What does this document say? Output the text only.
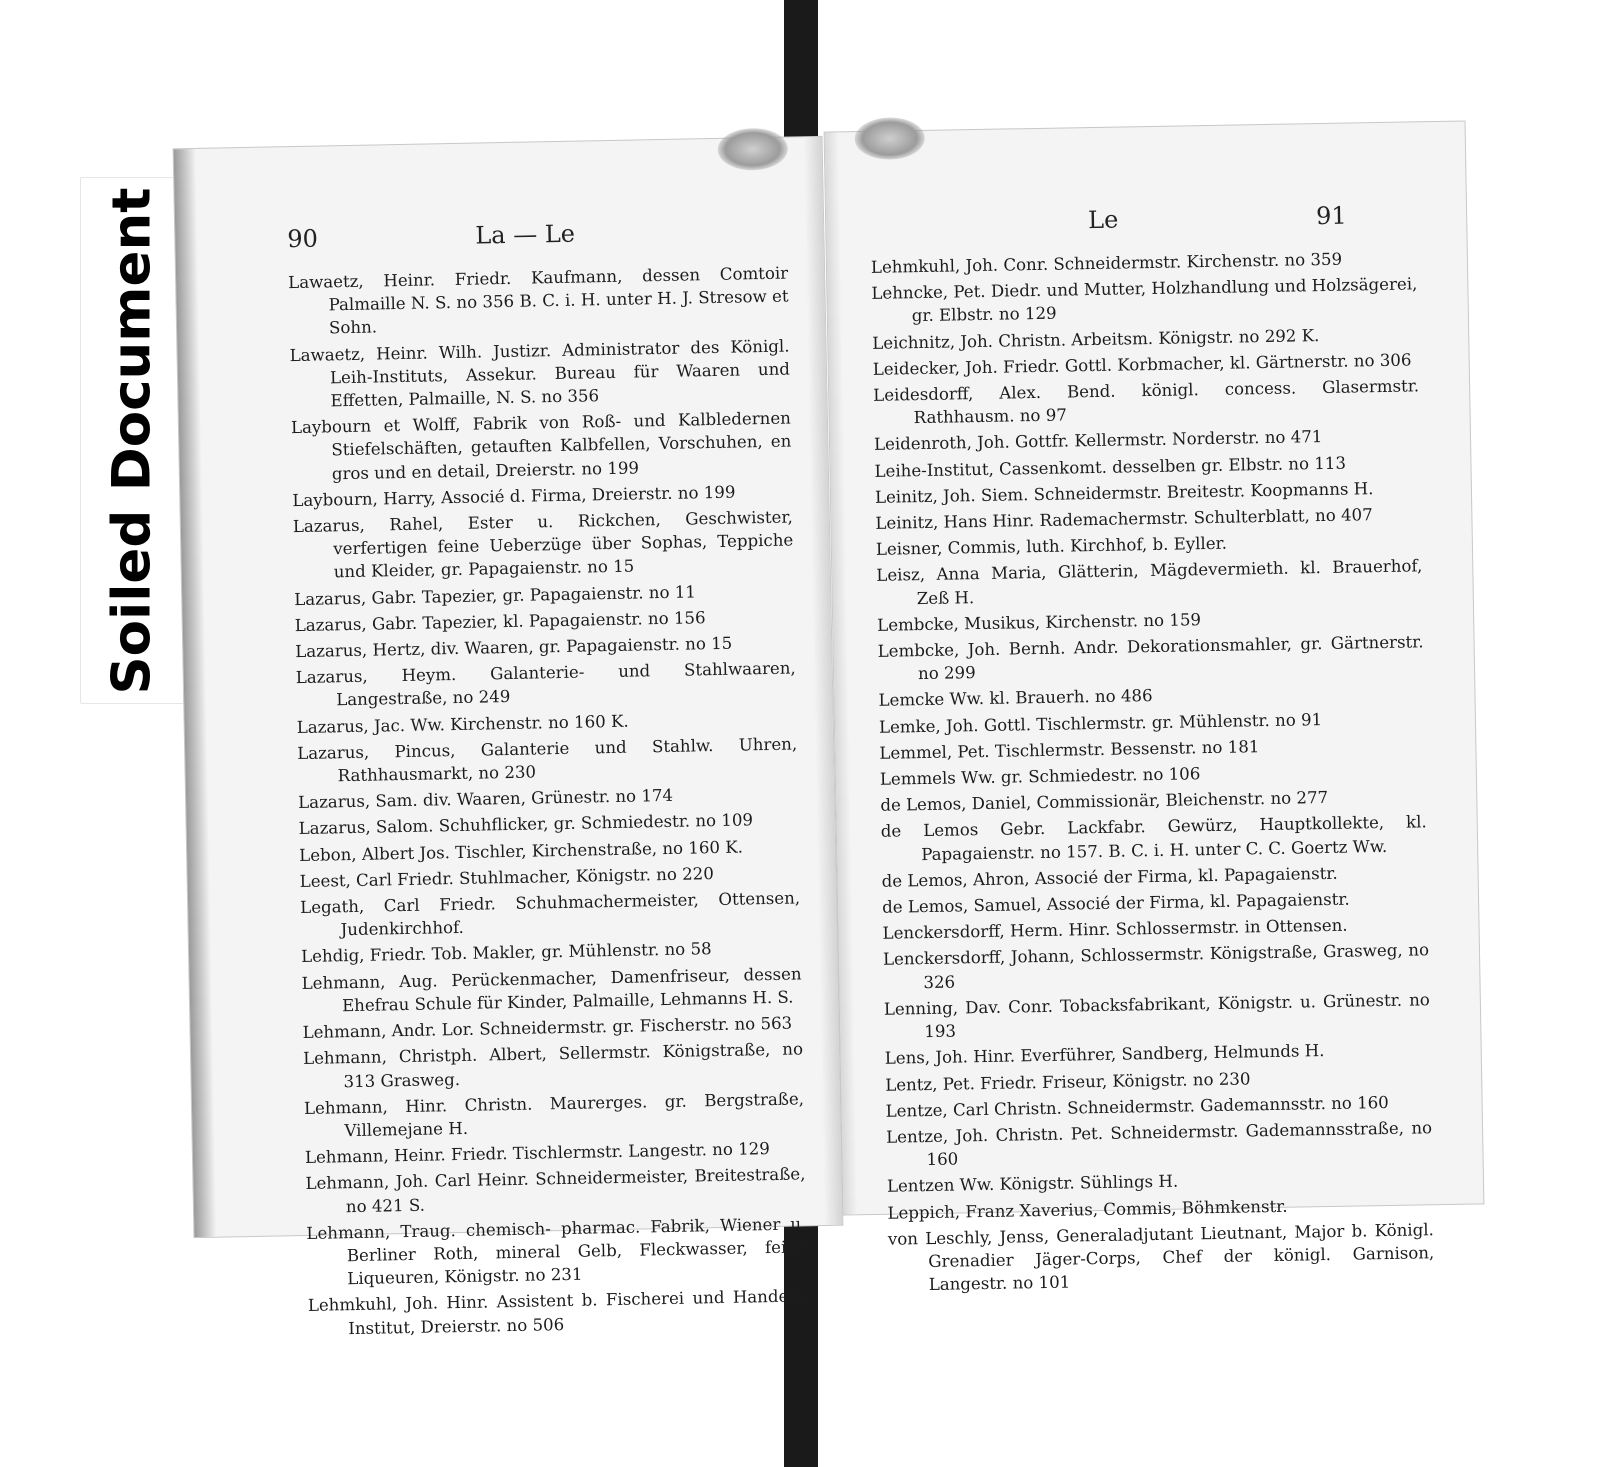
Soiled Document	90	La — Le
Lawaetz, Heinr. Friedr. Kaufmann, dessen Comtoir Palmaille N. S. no 356 B. C. i. H. unter H. J. Stresow et Sohn.
Lawaetz, Heinr. Wilh. Justizr. Administrator des Königl. Leih-Instituts, Assekur. Bureau für Waaren und Effetten, Palmaille, N. S. no 356
Laybourn et Wolff, Fabrik von Roß- und Kalbledernen Stiefelschäften, getauften Kalbfellen, Vorschuhen, en gros und en detail, Dreierstr. no 199
Laybourn, Harry, Associé d. Firma, Dreierstr. no 199
Lazarus, Rahel, Ester u. Rickchen, Geschwister, verfertigen feine Ueberzüge über Sophas, Teppiche und Kleider, gr. Papagaienstr. no 15
Lazarus, Gabr. Tapezier, gr. Papagaienstr. no 11
Lazarus, Gabr. Tapezier, kl. Papagaienstr. no 156
Lazarus, Hertz, div. Waaren, gr. Papagaienstr. no 15
Lazarus, Heym. Galanterie- und Stahlwaaren, Langestraße, no 249
Lazarus, Jac. Ww. Kirchenstr. no 160 K.
Lazarus, Pincus, Galanterie und Stahlw. Uhren, Rathhausmarkt, no 230
Lazarus, Sam. div. Waaren, Grünestr. no 174
Lazarus, Salom. Schuhflicker, gr. Schmiedestr. no 109
Lebon, Albert Jos. Tischler, Kirchenstraße, no 160 K.
Leest, Carl Friedr. Stuhlmacher, Königstr. no 220
Legath, Carl Friedr. Schuhmachermeister, Ottensen, Judenkirchhof.
Lehdig, Friedr. Tob. Makler, gr. Mühlenstr. no 58
Lehmann, Aug. Perückenmacher, Damenfriseur, dessen Ehefrau Schule für Kinder, Palmaille, Lehmanns H. S.
Lehmann, Andr. Lor. Schneidermstr. gr. Fischerstr. no 563
Lehmann, Christph. Albert, Sellermstr. Königstraße, no 313 Grasweg.
Lehmann, Hinr. Christn. Maurerges. gr. Bergstraße, Villemejane H.
Lehmann, Heinr. Friedr. Tischlermstr. Langestr. no 129
Lehmann, Joh. Carl Heinr. Schneidermeister, Breitestraße, no 421 S.
Lehmann, Traug. chemisch- pharmac. Fabrik, Wiener u. Berliner Roth, mineral Gelb, Fleckwasser, feine Liqueuren, Königstr. no 231
Lehmkuhl, Joh. Hinr. Assistent b. Fischerei und Handels-Institut, Dreierstr. no 506
Le	91
Lehmkuhl, Joh. Conr. Schneidermstr. Kirchenstr. no 359
Lehncke, Pet. Diedr. und Mutter, Holzhandlung und Holzsägerei, gr. Elbstr. no 129
Leichnitz, Joh. Christn. Arbeitsm. Königstr. no 292 K.
Leidecker, Joh. Friedr. Gottl. Korbmacher, kl. Gärtnerstr. no 306
Leidesdorff, Alex. Bend. königl. concess. Glasermstr. Rathhausm. no 97
Leidenroth, Joh. Gottfr. Kellermstr. Norderstr. no 471
Leihe-Institut, Cassenkomt. desselben gr. Elbstr. no 113
Leinitz, Joh. Siem. Schneidermstr. Breitestr. Koopmanns H.
Leinitz, Hans Hinr. Rademachermstr. Schulterblatt, no 407
Leisner, Commis, luth. Kirchhof, b. Eyller.
Leisz, Anna Maria, Glätterin, Mägdevermieth. kl. Brauerhof, Zeß H.
Lembcke, Musikus, Kirchenstr. no 159
Lembcke, Joh. Bernh. Andr. Dekorationsmahler, gr. Gärtnerstr. no 299
Lemcke Ww. kl. Brauerh. no 486
Lemke, Joh. Gottl. Tischlermstr. gr. Mühlenstr. no 91
Lemmel, Pet. Tischlermstr. Bessenstr. no 181
Lemmels Ww. gr. Schmiedestr. no 106
de Lemos, Daniel, Commissionär, Bleichenstr. no 277
de Lemos Gebr. Lackfabr. Gewürz, Hauptkollekte, kl. Papagaienstr. no 157. B. C. i. H. unter C. C. Goertz Ww.
de Lemos, Ahron, Associé der Firma, kl. Papagaienstr.
de Lemos, Samuel, Associé der Firma, kl. Papagaienstr.
Lenckersdorff, Herm. Hinr. Schlossermstr. in Ottensen.
Lenckersdorff, Johann, Schlossermstr. Königstraße, Grasweg, no 326
Lenning, Dav. Conr. Tobacksfabrikant, Königstr. u. Grünestr. no 193
Lens, Joh. Hinr. Everführer, Sandberg, Helmunds H.
Lentz, Pet. Friedr. Friseur, Königstr. no 230
Lentze, Carl Christn. Schneidermstr. Gademannsstr. no 160
Lentze, Joh. Christn. Pet. Schneidermstr. Gademannsstraße, no 160
Lentzen Ww. Königstr. Sühlings H.
Leppich, Franz Xaverius, Commis, Böhmkenstr.
von Leschly, Jenss, Generaladjutant Lieutnant, Major b. Königl. Grenadier Jäger-Corps, Chef der königl. Garnison, Langestr. no 101
